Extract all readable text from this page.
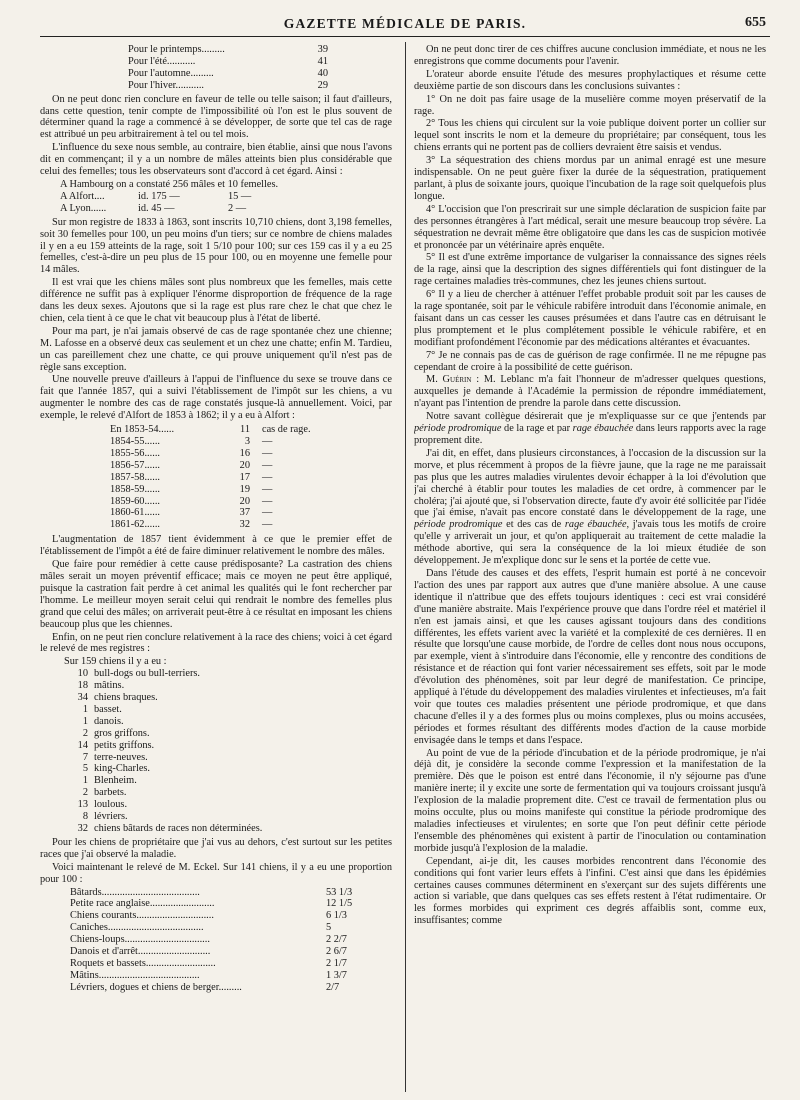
GAZETTE MÉDICALE DE PARIS.	655
Pour le printemps.........	39
Pour l'été...........	41
Pour l'automne.........	40
Pour l'hiver...........	29

On ne peut donc rien conclure en faveur de telle ou telle saison; il faut d'ailleurs, dans cette question, tenir compte de l'impossibilité où l'on est le plus souvent de déterminer quand la rage a commencé à se développer, de sorte que tel cas de rage est attribué un peu arbitrairement à tel ou tel mois.

L'influence du sexe nous semble, au contraire, bien établie, ainsi que nous l'avons dit en commençant; il y a un nombre de mâles atteints bien plus considérable que celui des femelles; tous les observateurs sont d'accord à cet égard. Ainsi :

A Hambourg on a constaté 256 mâles et 10 femelles.
A Alfort....	id. 175 —	15 —
A Lyon......	id. 45 —	2 —

Sur mon registre de 1833 à 1863, sont inscrits 10,710 chiens, dont 3,198 femelles, soit 30 femelles pour 100, un peu moins d'un tiers; sur ce nombre de chiens malades il y en a eu 159 atteints de la rage, soit 1 5/10 pour 100; sur ces 159 cas il y a eu 25 femelles, c'est-à-dire un peu plus de 15 pour 100, ou en moyenne une femelle pour 14 mâles.

Il est vrai que les chiens mâles sont plus nombreux que les femelles, mais cette différence ne suffit pas à expliquer l'énorme disproportion de fréquence de la rage dans les deux sexes. Ajoutons que si la rage est plus rare chez le chat que chez le chien, cela tient à ce que le chat vit beaucoup plus à l'état de liberté.

Pour ma part, je n'ai jamais observé de cas de rage spontanée chez une chienne; M. Lafosse en a observé deux cas seulement et un chez une chatte; enfin M. Tardieu, un cas pareillement chez une chatte, ce qui prouve uniquement qu'il n'est pas de règle sans exception.

Une nouvelle preuve d'ailleurs à l'appui de l'influence du sexe se trouve dans ce fait que l'année 1857, qui a suivi l'établissement de l'impôt sur les chiens, a vu augmenter le nombre des cas de rage constatés jusque-là annuellement. Voici, par exemple, le relevé d'Alfort de 1853 à 1862; il y a eu à Alfort :

En 1853-54......	11	cas de rage.
1854-55......	3	—
1855-56......	16	—
1856-57......	20	—
1857-58......	17	—
1858-59......	19	—
1859-60......	20	—
1860-61......	37	—
1861-62......	32	—

L'augmentation de 1857 tient évidemment à ce que le premier effet de l'établissement de l'impôt a été de faire diminuer relativement le nombre des mâles.

Que faire pour remédier à cette cause prédisposante? La castration des chiens mâles serait un moyen préventif efficace; mais ce moyen ne peut être appliqué, puisque la castration fait perdre à cet animal les qualités qui le font rechercher par l'homme. Le meilleur moyen serait celui qui rendrait le nombre des femelles plus grand que celui des mâles; on arriverait peut-être à ce résultat en imposant les chiens beaucoup plus que les chiennes.

Enfin, on ne peut rien conclure relativement à la race des chiens; voici à cet égard le relevé de mes registres :

Sur 159 chiens il y a eu :
10 bull-dogs ou bull-terriers.
18 mâtins.
34 chiens braques.
1 basset.
1 danois.
2 gros griffons.
14 petits griffons.
7 terre-neuves.
5 king-Charles.
1 Blenheim.
2 barbets.
13 loulous.
8 lévriers.
32 chiens bâtards de races non déterminées.

Pour les chiens de propriétaire que j'ai vus au dehors, c'est surtout sur les petites races que j'ai observé la maladie.

Voici maintenant le relevé de M. Eckel. Sur 141 chiens, il y a eu une proportion pour 100 :

Bâtards......................................	53 1/3
Petite race anglaise.........................	12 1/5
Chiens courants..............................	6 1/3
Caniches.....................................	5
Chiens-loups.................................	2 2/7
Danois et d'arrêt............................	2 6/7
Roquets et bassets...........................	2 1/7
Mâtins.......................................	1 3/7
Lévriers, dogues et chiens de berger.........	2/7

On ne peut donc tirer de ces chiffres aucune conclusion immédiate, et nous ne les enregistrons que comme documents pour l'avenir.

L'orateur aborde ensuite l'étude des mesures prophylactiques et résume cette deuxième partie de son discours dans les conclusions suivantes :

1° On ne doit pas faire usage de la muselière comme moyen préservatif de la rage.

2° Tous les chiens qui circulent sur la voie publique doivent porter un collier sur lequel sont inscrits le nom et la demeure du propriétaire; par conséquent, tous les chiens errants qui ne portent pas de colliers devraient être saisis et vendus.

3° La séquestration des chiens mordus par un animal enragé est une mesure indispensable. On ne peut guère fixer la durée de la séquestration, pratiquement parlant, à plus de soixante jours, quoique l'incubation de la rage soit quelquefois plus longue.

4° L'occision que l'on prescrirait sur une simple déclaration de suspicion faite par des personnes étrangères à l'art médical, serait une mesure beaucoup trop sévère. La séquestration ne devrait même être obligatoire que dans les cas de suspicion motivée et prononcée par un vétérinaire après enquête.

5° Il est d'une extrême importance de vulgariser la connaissance des signes réels de la rage, ainsi que la description des signes différentiels qui font distinguer de la rage certaines maladies très-communes, chez les jeunes chiens surtout.

6° Il y a lieu de chercher à atténuer l'effet probable produit soit par les causes de la rage spontanée, soit par le véhicule rabifère introduit dans l'économie animale, en faisant dans un cas cesser les causes présumées et dans l'autre cas en détruisant le plus promptement et le plus complétement possible le véhicule rabifère, et en modifiant profondément l'économie par des médications altérantes et évacuantes.

7° Je ne connais pas de cas de guérison de rage confirmée. Il ne me répugne pas cependant de croire à la possibilité de cette guérison.

M. Guérin : M. Leblanc m'a fait l'honneur de m'adresser quelques questions, auxquelles je demande à l'Académie la permission de répondre immédiatement, n'ayant pas l'intention de prendre la parole dans cette discussion.

Notre savant collègue désirerait que je m'expliquasse sur ce que j'entends par période prodromique de la rage et par rage ébauchée dans leurs rapports avec la rage proprement dite.

J'ai dit, en effet, dans plusieurs circonstances, à l'occasion de la discussion sur la morve, et plus récemment à propos de la fièvre jaune, que la rage ne me paraissait pas plus que les autres maladies virulentes devoir échapper à la loi d'évolution que j'ai cherché à établir pour toutes les maladies de cet ordre, à commencer par le choléra; j'ai ajouté que, si l'observation directe, faute d'y avoir été sollicitée par l'idée que j'ai émise, n'avait pas encore constaté dans le développement de la rage, une période prodromique et des cas de rage ébauchée, j'avais tous les motifs de croire qu'elle y arriverait un jour, et qu'on appliquerait au traitement de cette maladie la méthode abortive, qui sera la conséquence de la loi mieux étudiée de son développement. Je m'explique donc sur le sens et la portée de cette vue.

Dans l'étude des causes et des effets, l'esprit humain est porté à ne concevoir l'action des unes par rapport aux autres que d'une manière absolue. A une cause identique il n'attribue que des effets toujours identiques : ceci est vrai considéré d'une manière abstraite. Mais l'expérience prouve que dans l'ordre réel et matériel il n'en est jamais ainsi, et que les causes agissant toujours dans des conditions différentes, les effets varient avec la variété et la complexité de ces dernières. Il en résulte que lorsqu'une cause morbide, de l'ordre de celles dont nous nous occupons, par exemple, vient à s'introduire dans l'économie, elle y rencontre des conditions de résistance et de réaction qui font varier nécessairement ses effets, soit par le mode d'évolution des phénomènes, soit par leur degré de manifestation. Ce principe, appliqué à l'étude du développement des maladies virulentes et infectieuses, m'a fait voir que toutes ces maladies présentent une période prodromique, et que dans chacune d'elles il y a des formes plus ou moins complexes, plus ou moins accusées, périodes et formes résultant des différents modes d'action de la cause morbide envisagée dans le temps et dans l'espace.

Au point de vue de la période d'incubation et de la période prodromique, je n'ai déjà dit, je considère la seconde comme l'expression et la manifestation de la première. Dès que le poison est entré dans l'économie, il n'y séjourne pas d'une manière inerte; il y excite une sorte de fermentation qui va toujours croissant jusqu'à l'explosion de la maladie proprement dite. C'est ce travail de fermentation plus ou moins occulte, plus ou moins manifeste qui constitue la période prodromique des maladies infectieuses et virulentes; en sorte que l'on peut définir cette période l'ensemble des phénomènes qui existent à partir de l'inoculation ou contamination morbide jusqu'à l'explosion de la maladie.

Cependant, ai-je dit, les causes morbides rencontrent dans l'économie des conditions qui font varier leurs effets à l'infini. C'est ainsi que dans les épidémies certaines causes communes déterminent en s'exerçant sur des sujets différents une action si variable, que dans quelques cas ses effets restent à l'état rudimentaire. Or les formes morbides qui expriment ces degrés affaiblis sont, comme eux, insuffisantes; comme
